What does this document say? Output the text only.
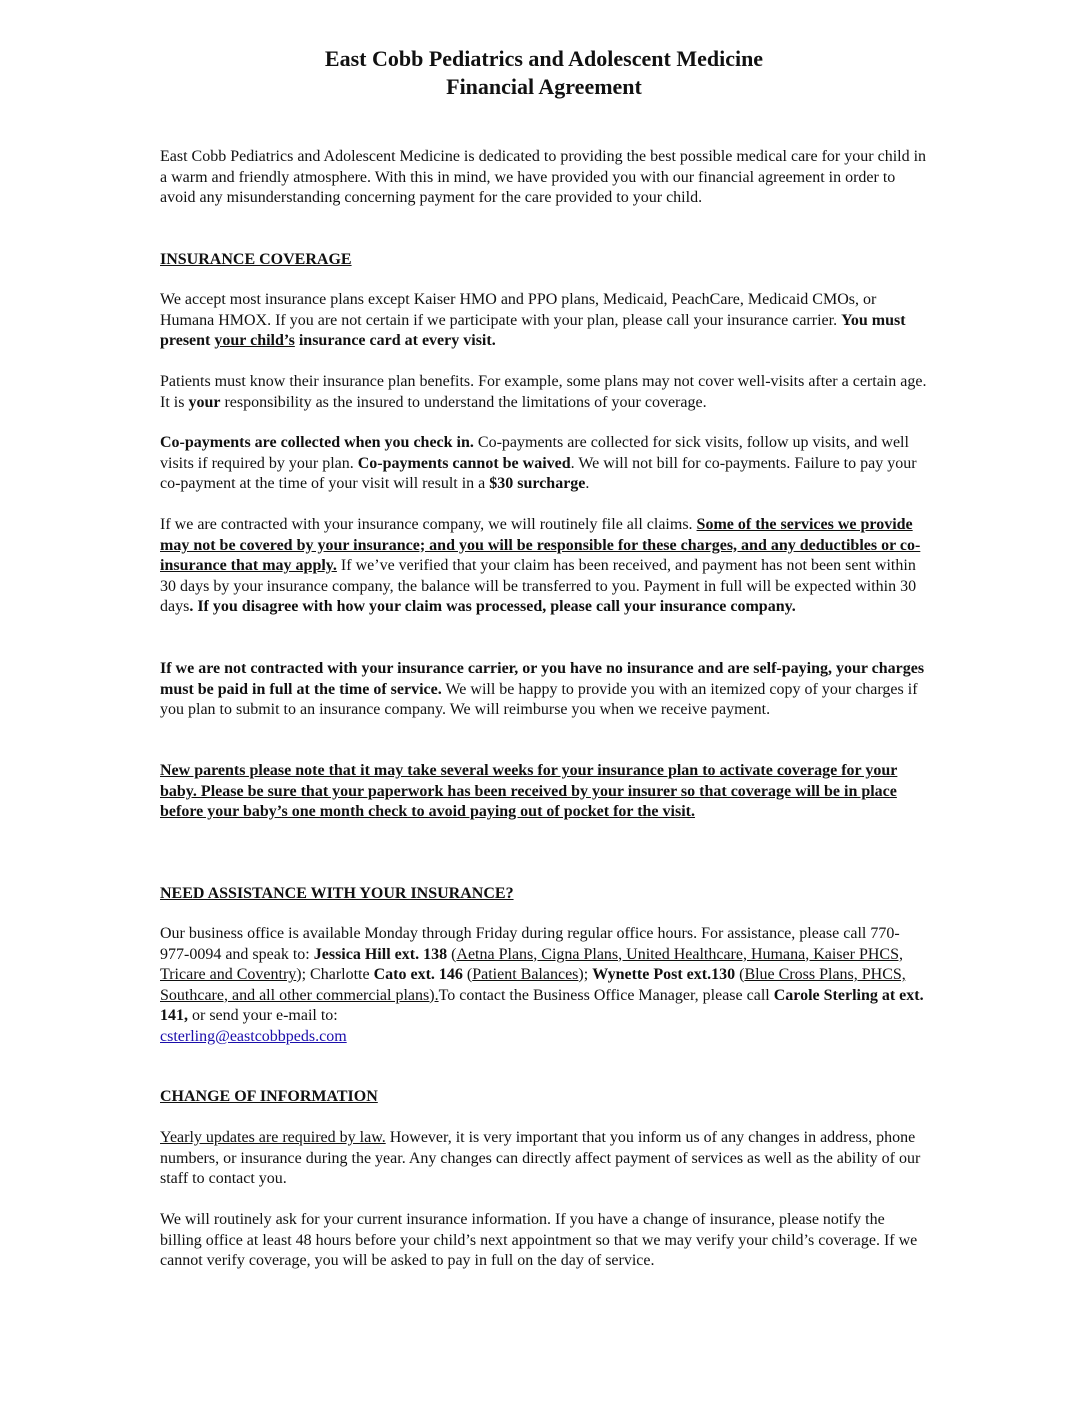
East Cobb Pediatrics and Adolescent Medicine
Financial Agreement
East Cobb Pediatrics and Adolescent Medicine is dedicated to providing the best possible medical care for your child in a warm and friendly atmosphere. With this in mind, we have provided you with our financial agreement in order to avoid any misunderstanding concerning payment for the care provided to your child.
INSURANCE COVERAGE
We accept most insurance plans except Kaiser HMO and PPO plans, Medicaid, PeachCare, Medicaid CMOs, or Humana HMOX. If you are not certain if we participate with your plan, please call your insurance carrier. You must present your child’s insurance card at every visit.
Patients must know their insurance plan benefits. For example, some plans may not cover well-visits after a certain age. It is your responsibility as the insured to understand the limitations of your coverage.
Co-payments are collected when you check in. Co-payments are collected for sick visits, follow up visits, and well visits if required by your plan. Co-payments cannot be waived. We will not bill for co-payments. Failure to pay your co-payment at the time of your visit will result in a $30 surcharge.
If we are contracted with your insurance company, we will routinely file all claims. Some of the services we provide may not be covered by your insurance; and you will be responsible for these charges, and any deductibles or co-insurance that may apply. If we’ve verified that your claim has been received, and payment has not been sent within 30 days by your insurance company, the balance will be transferred to you. Payment in full will be expected within 30 days. If you disagree with how your claim was processed, please call your insurance company.
If we are not contracted with your insurance carrier, or you have no insurance and are self-paying, your charges must be paid in full at the time of service. We will be happy to provide you with an itemized copy of your charges if you plan to submit to an insurance company. We will reimburse you when we receive payment.
New parents please note that it may take several weeks for your insurance plan to activate coverage for your baby. Please be sure that your paperwork has been received by your insurer so that coverage will be in place before your baby’s one month check to avoid paying out of pocket for the visit.
NEED ASSISTANCE WITH YOUR INSURANCE?
Our business office is available Monday through Friday during regular office hours. For assistance, please call 770-977-0094 and speak to: Jessica Hill ext. 138 (Aetna Plans, Cigna Plans, United Healthcare, Humana, Kaiser PHCS, Tricare and Coventry); Charlotte Cato ext. 146 (Patient Balances); Wynette Post ext.130 (Blue Cross Plans, PHCS, Southcare, and all other commercial plans).To contact the Business Office Manager, please call Carole Sterling at ext. 141, or send your e-mail to:
csterling@eastcobbpeds.com
CHANGE OF INFORMATION
Yearly updates are required by law. However, it is very important that you inform us of any changes in address, phone numbers, or insurance during the year. Any changes can directly affect payment of services as well as the ability of our staff to contact you.
We will routinely ask for your current insurance information. If you have a change of insurance, please notify the billing office at least 48 hours before your child’s next appointment so that we may verify your child’s coverage. If we cannot verify coverage, you will be asked to pay in full on the day of service.
